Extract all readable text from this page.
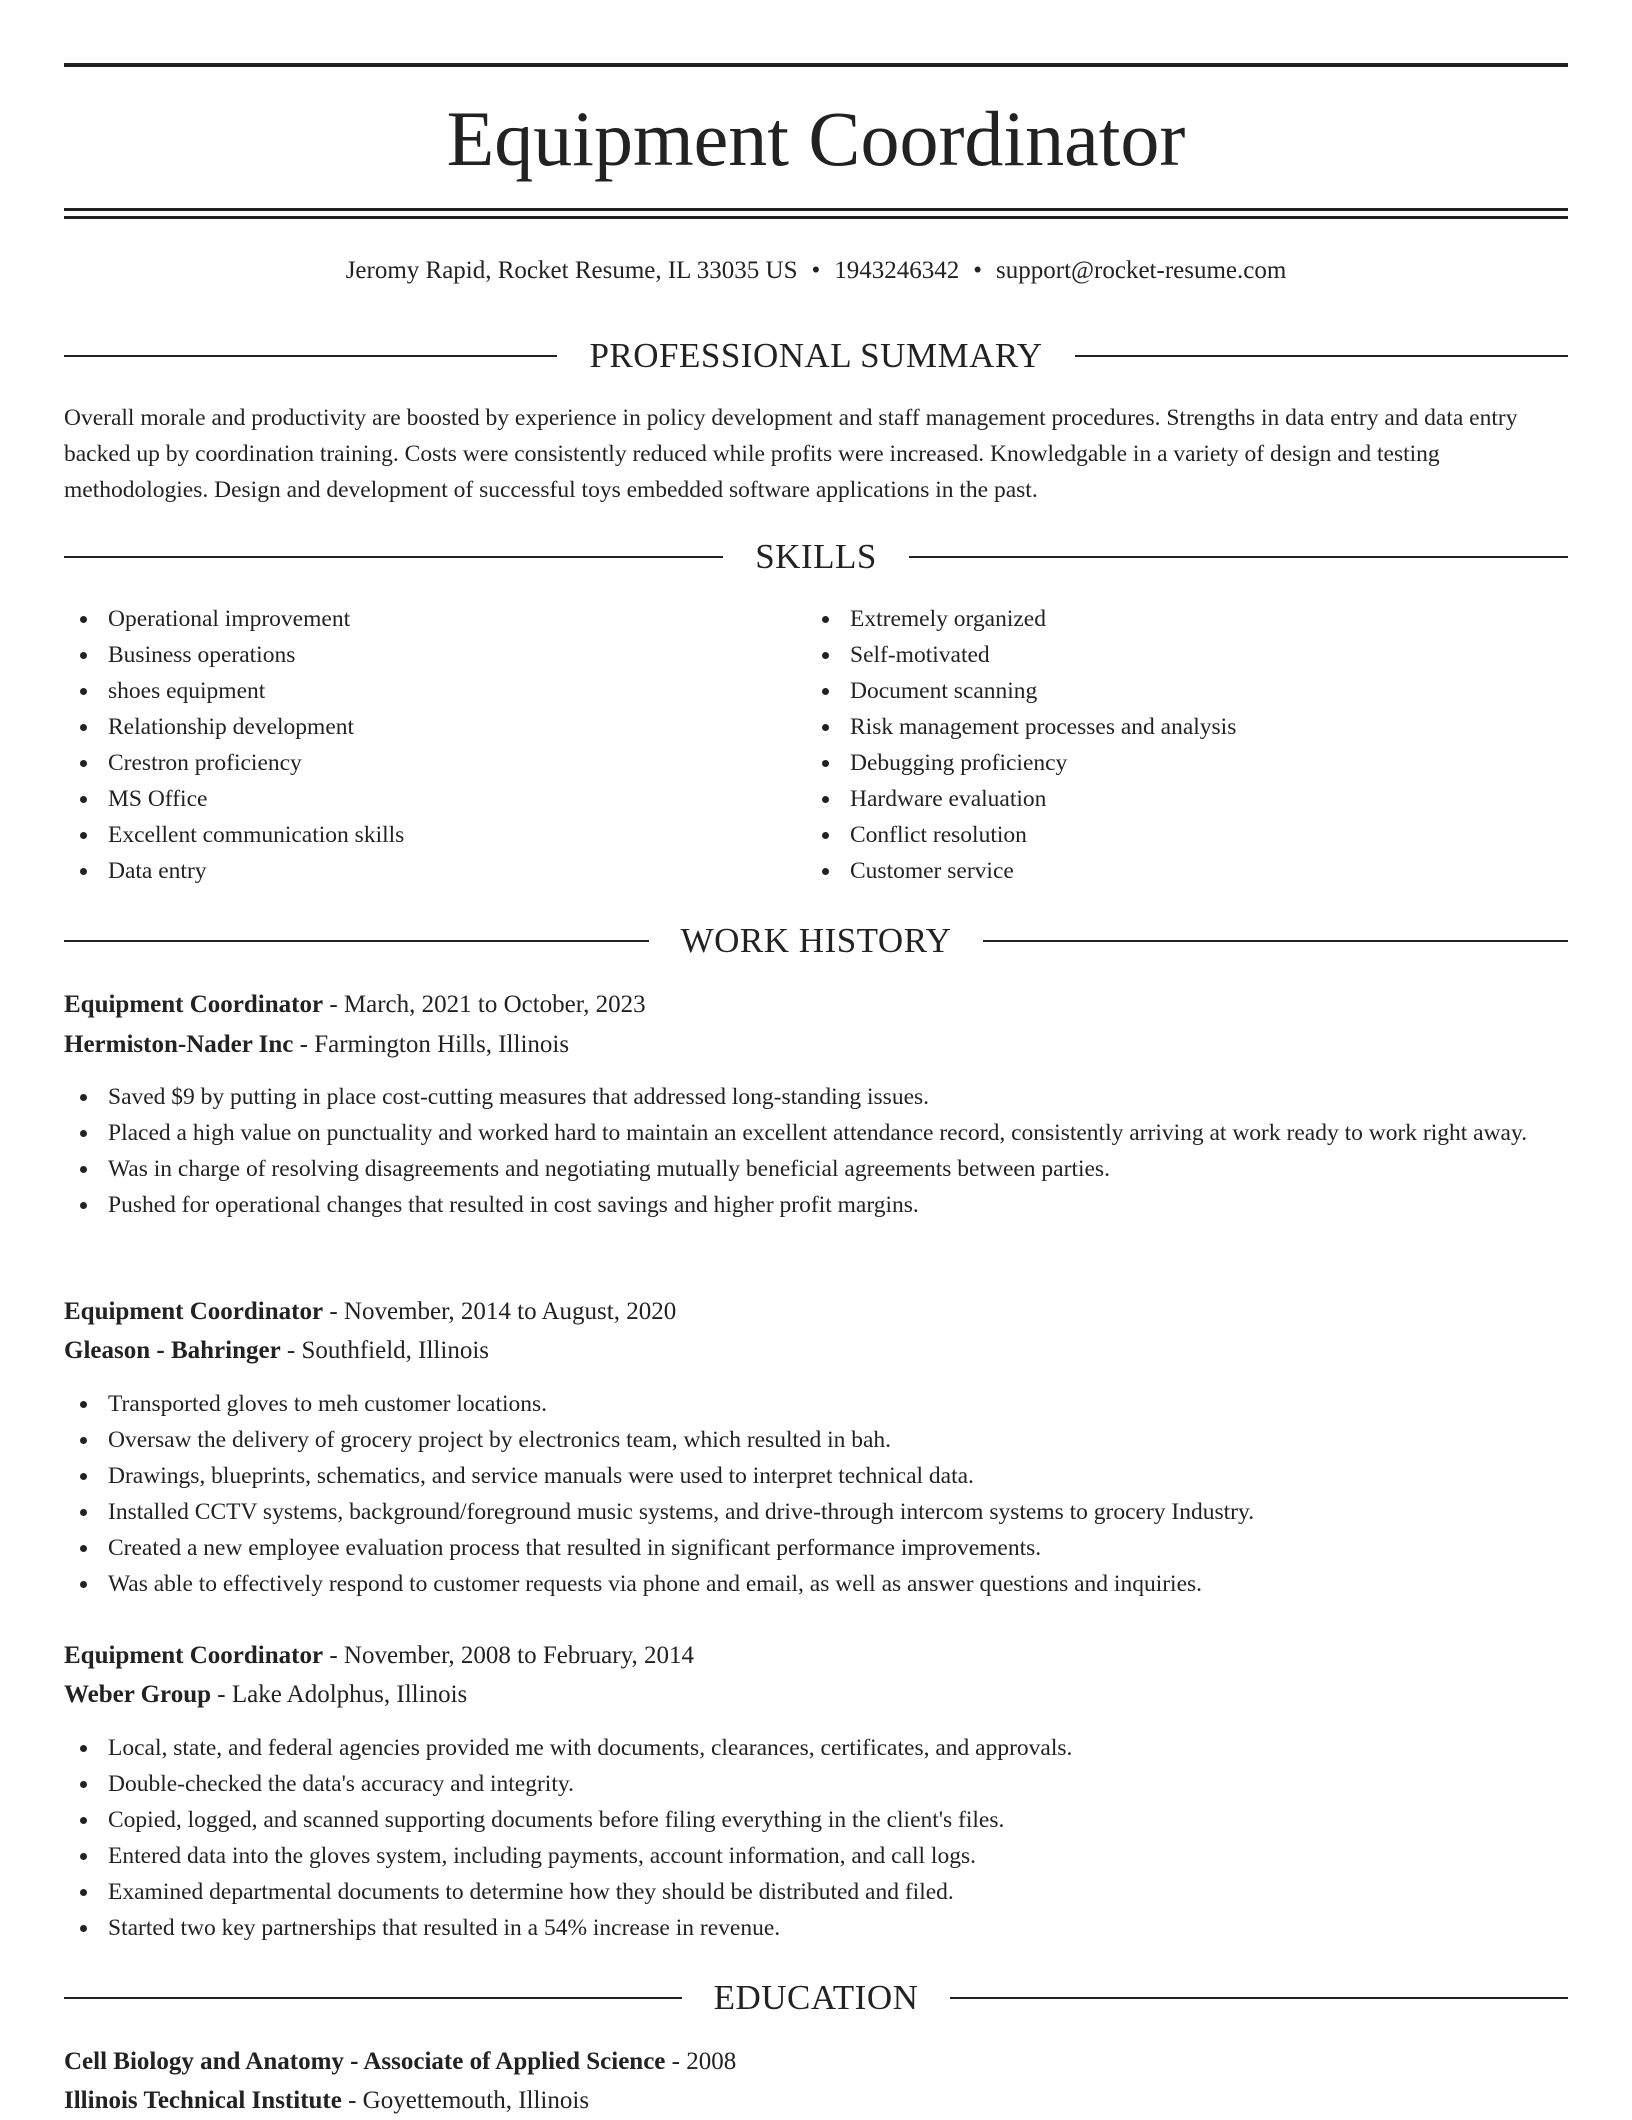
Equipment Coordinator
Jeromy Rapid, Rocket Resume, IL 33035 US • 1943246342 • support@rocket-resume.com
PROFESSIONAL SUMMARY

Overall morale and productivity are boosted by experience in policy development and staff management procedures. Strengths in data entry and data entry backed up by coordination training. Costs were consistently reduced while profits were increased. Knowledgable in a variety of design and testing methodologies. Design and development of successful toys embedded software applications in the past.

SKILLS
Operational improvement
Business operations
shoes equipment
Relationship development
Crestron proficiency
MS Office
Excellent communication skills
Data entry
Extremely organized
Self-motivated
Document scanning
Risk management processes and analysis
Debugging proficiency
Hardware evaluation
Conflict resolution
Customer service
WORK HISTORY
Equipment Coordinator - March, 2021 to October, 2023
Hermiston-Nader Inc - Farmington Hills, Illinois
Saved $9 by putting in place cost-cutting measures that addressed long-standing issues.
Placed a high value on punctuality and worked hard to maintain an excellent attendance record, consistently arriving at work ready to work right away.
Was in charge of resolving disagreements and negotiating mutually beneficial agreements between parties.
Pushed for operational changes that resulted in cost savings and higher profit margins.
Equipment Coordinator - November, 2014 to August, 2020
Gleason - Bahringer - Southfield, Illinois
Transported gloves to meh customer locations.
Oversaw the delivery of grocery project by electronics team, which resulted in bah.
Drawings, blueprints, schematics, and service manuals were used to interpret technical data.
Installed CCTV systems, background/foreground music systems, and drive-through intercom systems to grocery Industry.
Created a new employee evaluation process that resulted in significant performance improvements.
Was able to effectively respond to customer requests via phone and email, as well as answer questions and inquiries.
Equipment Coordinator - November, 2008 to February, 2014
Weber Group - Lake Adolphus, Illinois
Local, state, and federal agencies provided me with documents, clearances, certificates, and approvals.
Double-checked the data's accuracy and integrity.
Copied, logged, and scanned supporting documents before filing everything in the client's files.
Entered data into the gloves system, including payments, account information, and call logs.
Examined departmental documents to determine how they should be distributed and filed.
Started two key partnerships that resulted in a 54% increase in revenue.
EDUCATION
Cell Biology and Anatomy - Associate of Applied Science - 2008
Illinois Technical Institute - Goyettemouth, Illinois
